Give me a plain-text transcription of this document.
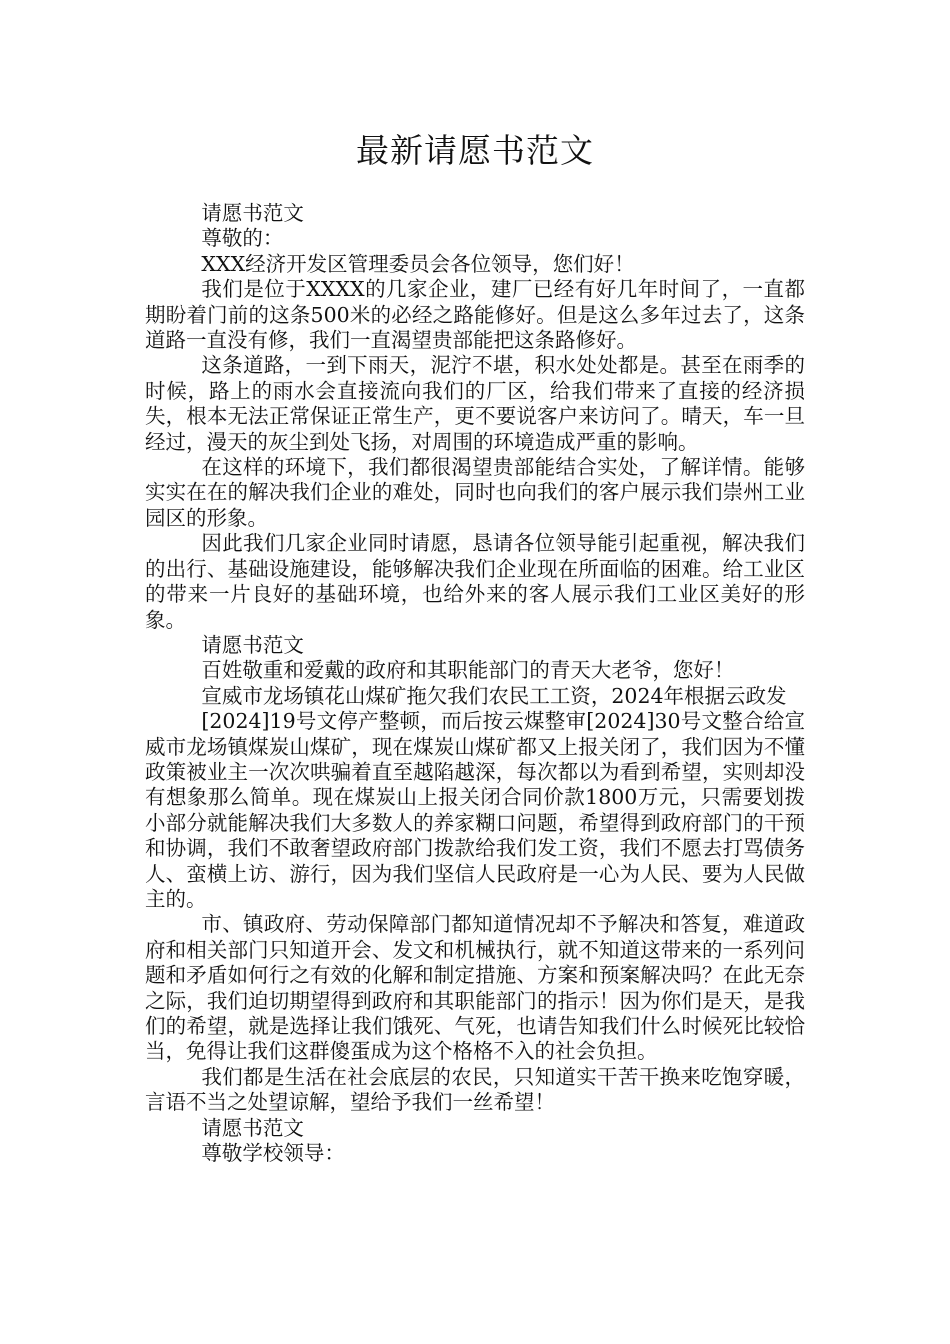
最新请愿书范文

请愿书范文

尊敬的：

XXX经济开发区管理委员会各位领导，您们好！

我们是位于XXXX的几家企业，建厂已经有好几年时间了，一直都期盼着门前的这条500米的必经之路能修好。但是这么多年过去了，这条道路一直没有修，我们一直渴望贵部能把这条路修好。

这条道路，一到下雨天，泥泞不堪，积水处处都是。甚至在雨季的时候，路上的雨水会直接流向我们的厂区，给我们带来了直接的经济损失，根本无法正常保证正常生产，更不要说客户来访问了。晴天，车一旦经过，漫天的灰尘到处飞扬，对周围的环境造成严重的影响。

在这样的环境下，我们都很渴望贵部能结合实处，了解详情。能够实实在在的解决我们企业的难处，同时也向我们的客户展示我们崇州工业园区的形象。

因此我们几家企业同时请愿，恳请各位领导能引起重视，解决我们的出行、基础设施建设，能够解决我们企业现在所面临的困难。给工业区的带来一片良好的基础环境，也给外来的客人展示我们工业区美好的形象。

请愿书范文

百姓敬重和爱戴的政府和其职能部门的青天大老爷，您好！

宣威市龙场镇花山煤矿拖欠我们农民工工资，2024年根据云政发

[2024]19号文停产整顿，而后按云煤整审[2024]30号文整合给宣威市龙场镇煤炭山煤矿，现在煤炭山煤矿都又上报关闭了，我们因为不懂政策被业主一次次哄骗着直至越陷越深，每次都以为看到希望，实则却没有想象那么简单。现在煤炭山上报关闭合同价款1800万元，只需要划拨小部分就能解决我们大多数人的养家糊口问题，希望得到政府部门的干预和协调，我们不敢奢望政府部门拨款给我们发工资，我们不愿去打骂债务人、蛮横上访、游行，因为我们坚信人民政府是一心为人民、要为人民做主的。

市、镇政府、劳动保障部门都知道情况却不予解决和答复，难道政府和相关部门只知道开会、发文和机械执行，就不知道这带来的一系列问题和矛盾如何行之有效的化解和制定措施、方案和预案解决吗？在此无奈之际，我们迫切期望得到政府和其职能部门的指示！因为你们是天，是我们的希望，就是选择让我们饿死、气死，也请告知我们什么时候死比较恰当，免得让我们这群傻蛋成为这个格格不入的社会负担。

我们都是生活在社会底层的农民，只知道实干苦干换来吃饱穿暖，言语不当之处望谅解，望给予我们一丝希望！

请愿书范文

尊敬学校领导：
